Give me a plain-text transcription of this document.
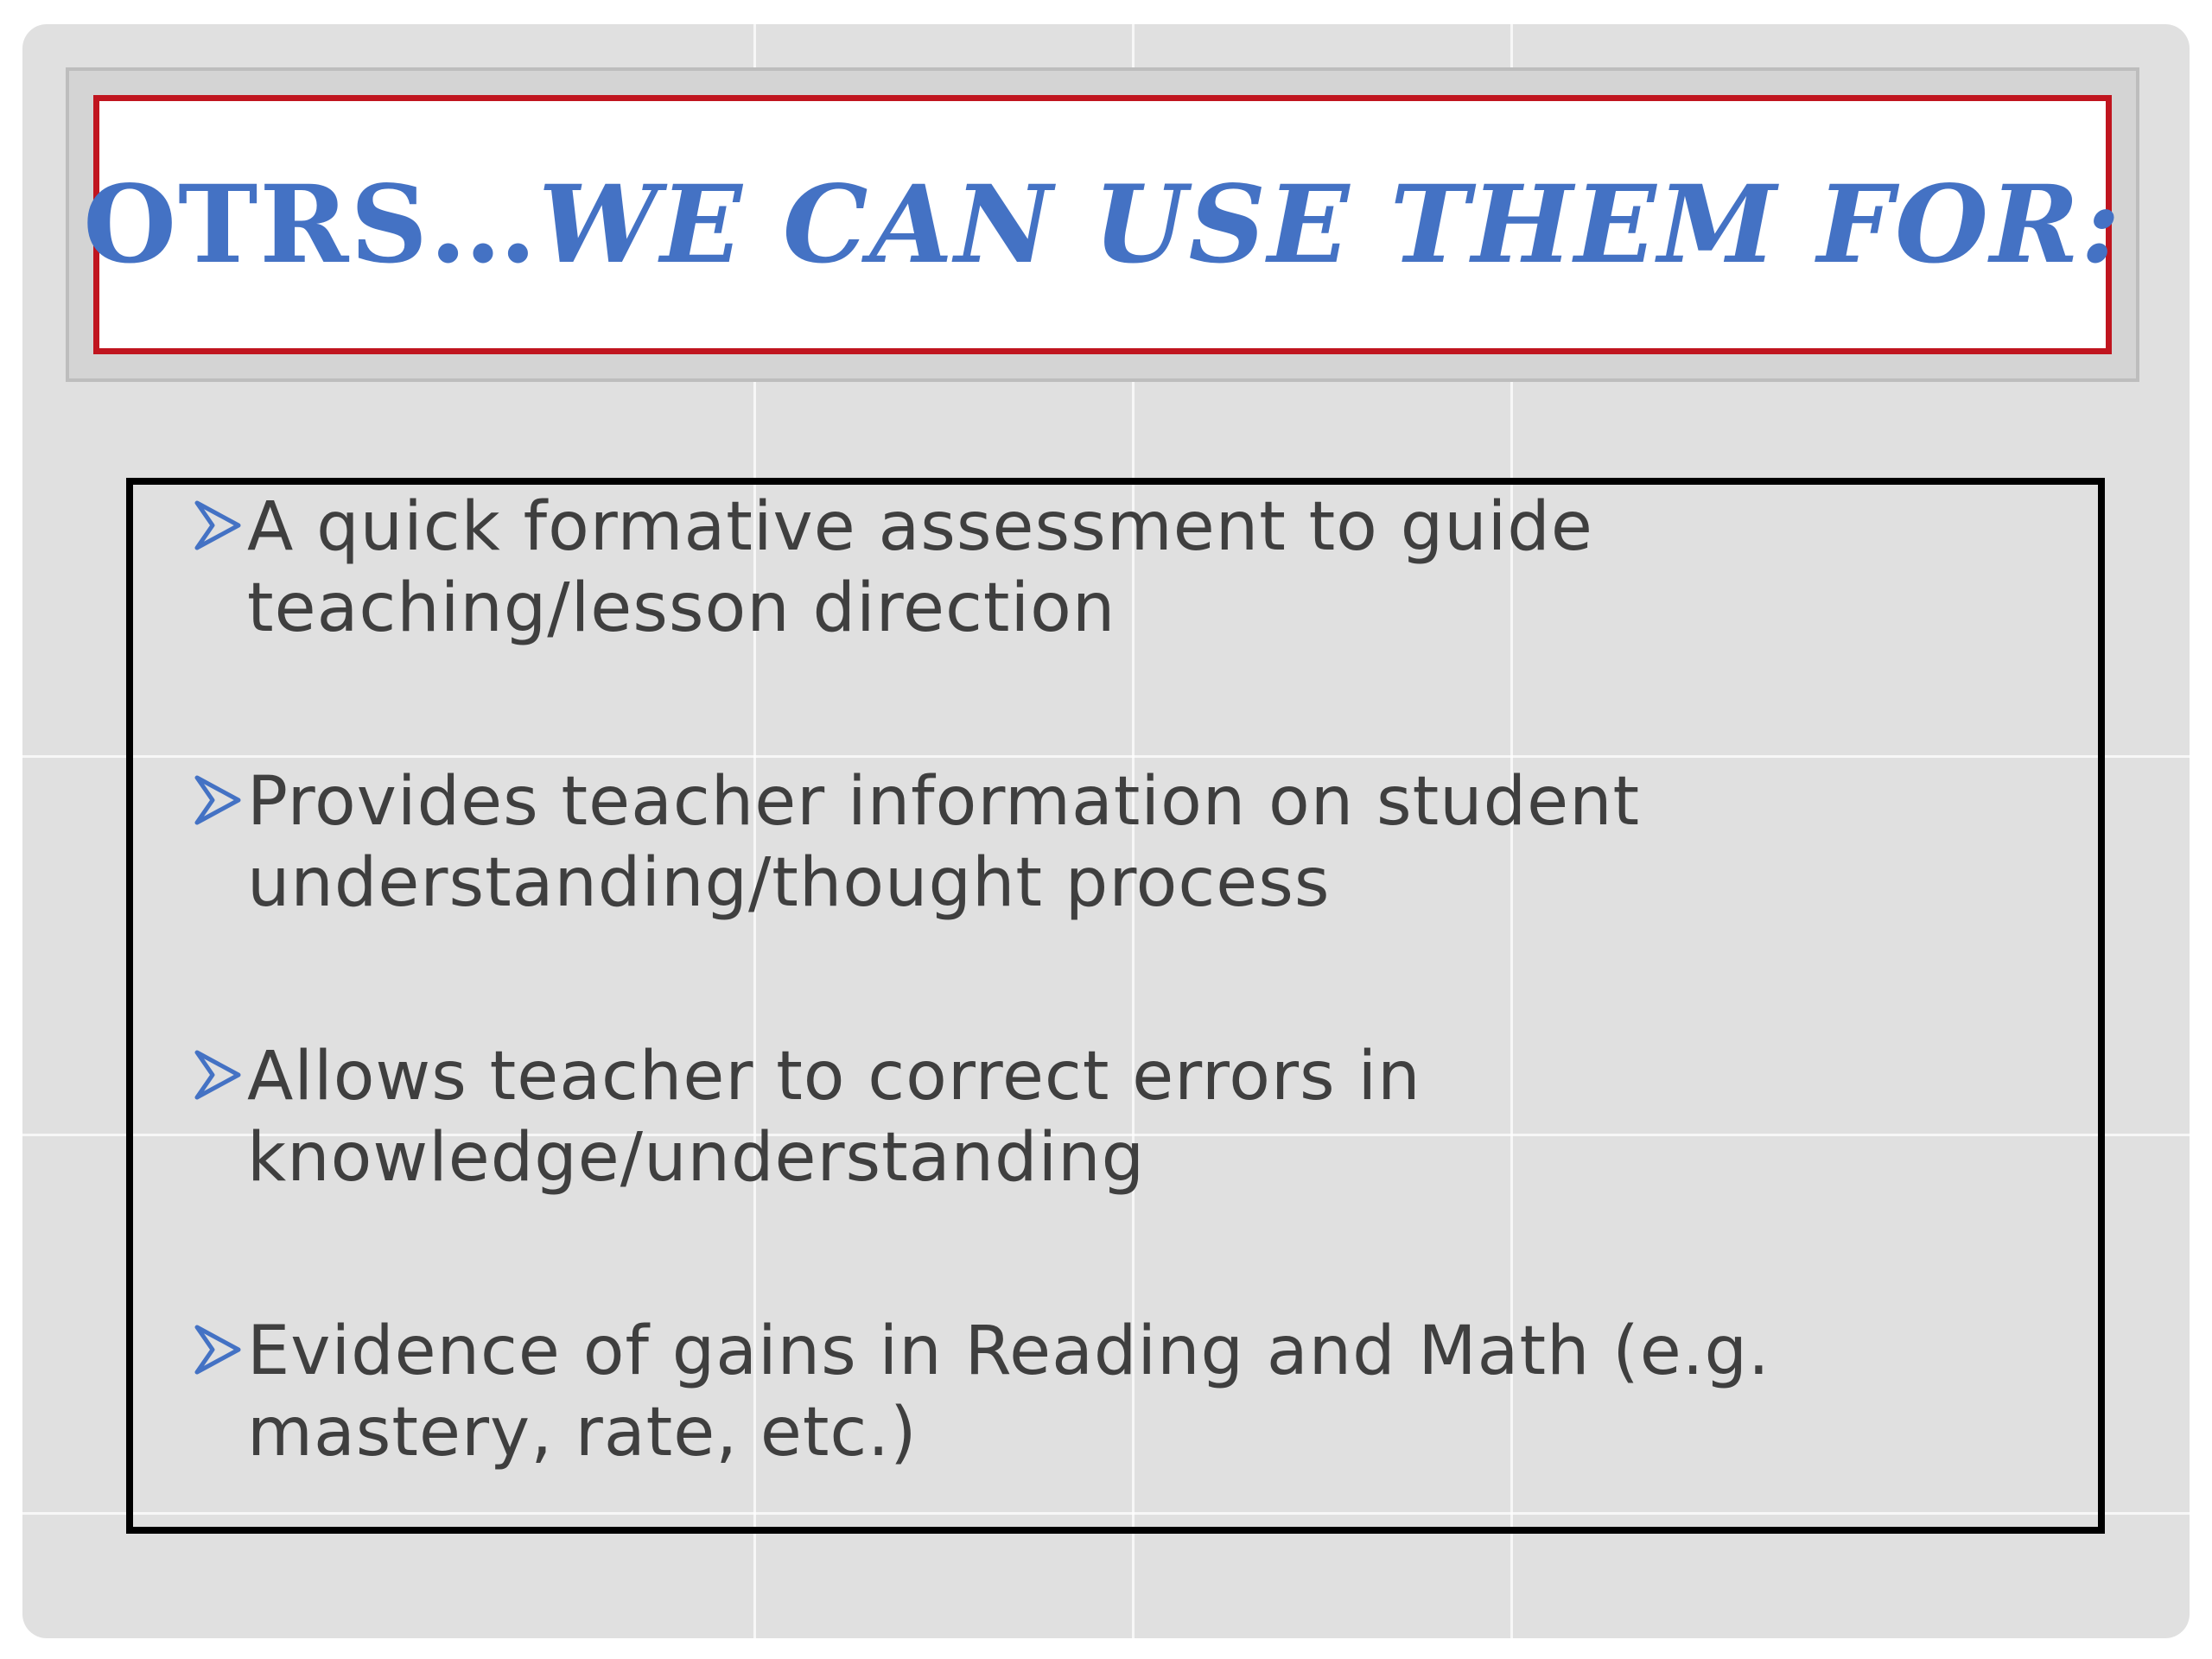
OTRS…WE CAN USE THEM FOR:
A quick formative assessment to guide teaching/lesson direction
Provides teacher information on student understanding/thought process
Allows teacher to correct errors in knowledge/understanding
Evidence of gains in Reading and Math (e.g. mastery, rate, etc.)
